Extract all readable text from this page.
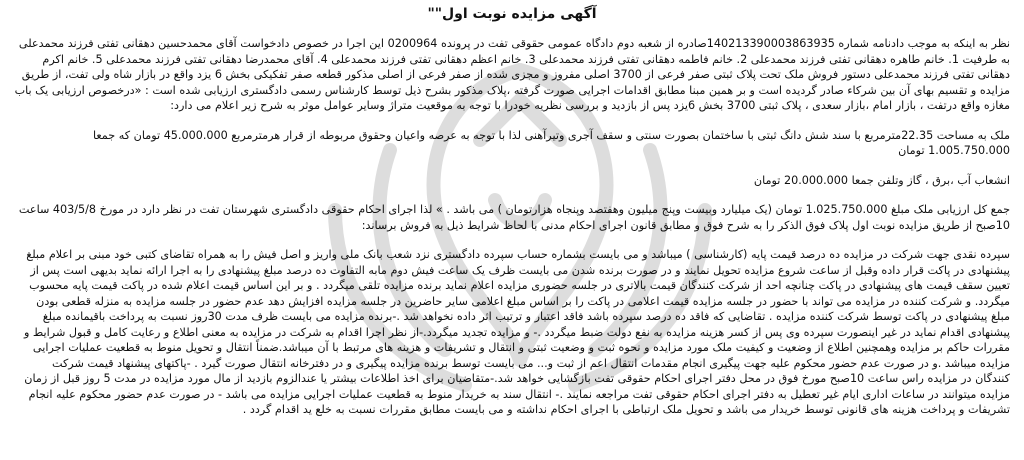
آگهی مزایده نوبت اول""

نظر به اینکه به موجب دادنامه شماره 140213390003863935صادره از شعبه دوم دادگاه عمومی حقوقی تفت در پرونده 0200964 این اجرا در خصوص دادخواست آقای محمدحسین دهقانی تفتی فرزند محمدعلی به طرفیت 1. خانم طاهره دهقانی تفتی فرزند محمدعلی 2. خانم فاطمه دهقانی تفتی فرزند محمدعلی 3. خانم اعظم دهقانی تفتی فرزند محمدعلی 4. آقای محمدرضا دهقانی تفتی فرزند محمدعلی 5. خانم اکرم دهقانی تفتی فرزند محمدعلی دستور فروش ملک تحت پلاک ثبتی صفر فرعی از 3700 اصلی مفروز و مجزی شده از صفر فرعی از اصلی مذکور قطعه صفر تفکیکی بخش 6 یزد واقع در بازار شاه ولی تفت، از طریق مزایده و تقسیم بهای آن بین شرکاء صادر گردیده است و بر همین مبنا مطابق اقدامات اجرایی صورت گرفته ،پلاک مذکور بشرح ذیل توسط کارشناس رسمی دادگستری ارزیابی شده است : «درخصوص ارزیابی یک باب مغازه واقع درتفت ، بازار امام ،بازار سعدی ، پلاک ثبتی 3700 بخش 6یزد پس از بازدید و بررسی نظریه خودرا با توجه به موقعیت متراژ وسایر عوامل موثر به شرح زیر اعلام می دارد:

ملک به مساحت 22.35مترمربع با سند شش دانگ ثبتی با ساختمان بصورت سنتی و سقف آجری وتیرآهنی لذا با توجه به عرصه واعیان وحقوق مربوطه از قرار هرمترمربع 45.000.000 تومان که جمعا 1.005.750.000 تومان

انشعاب آب ،برق ، گاز وتلفن جمعا 20.000.000 تومان

جمع کل ارزیابی ملک مبلغ 1.025.750.000 تومان (یک میلیارد وبیست وپنج میلیون وهفتصد وپنجاه هزارتومان ) می باشد . » لذا اجرای احکام حقوقی دادگستری شهرستان تفت در نظر دارد در مورخ 403/5/8 ساعت 10صبح از طریق مزایده نوبت اول پلاک فوق الذکر را به شرح فوق و مطابق قانون اجرای احکام مدنی با لحاظ شرایط ذیل به فروش برساند:

سپرده نقدی جهت شرکت در مزایده ده درصد قیمت پایه (کارشناسی ) میباشد و می بایست بشماره حساب سپرده دادگستری نزد شعب بانک ملی واریز و اصل فیش را به همراه تقاضای کتبی خود مبنی بر اعلام مبلغ پیشنهادی در پاکت قرار داده وقبل از ساعت شروع مزایده تحویل نمایند و در صورت برنده شدن می بایست ظرف یک ساعت فیش دوم مابه التفاوت ده درصد مبلغ پیشنهادی را به اجرا ارائه نماید بدیهی است پس از تعیین سقف قیمت های پیشنهادی در پاکت چنانچه احد از شرکت کنندگان قیمت بالاتری در جلسه حضوری مزایده اعلام نماید برنده مزایده تلقی میگردد . و بر این اساس قیمت اعلام شده در پاکت قیمت پایه محسوب میگردد. و شرکت کننده در مزایده می تواند با حضور در جلسه مزایده قیمت اعلامی در پاکت را بر اساس مبلغ اعلامی سایر حاضرین در جلسه مزایده افزایش دهد عدم حضور در جلسه مزایده به منزله قطعی بودن مبلغ پیشنهادی در پاکت توسط شرکت کننده مزایده . تقاضایی که فاقد ده درصد سپرده باشد فاقد اعتبار و ترتیب اثر داده نخواهد شد .-برنده مزایده می بایست ظرف مدت 30روز نسبت به پرداخت باقیمانده مبلغ پیشنهادی اقدام نماید در غیر اینصورت سپرده وی پس از کسر هزینه مزایده به نفع دولت ضبط میگردد .- و مزایده تجدید میگردد.-از نظر اجرا اقدام به شرکت در مزایده به معنی اطلاع و رعایت کامل و قبول شرایط و مقررات حاکم بر مزایده وهمچنین اطلاع از وضعیت و کیفیت ملک مورد مزایده و نحوه ثبت و وضعیت ثبتی و انتقال و تشریفات و هزینه های مرتبط با آن میباشد.ضمناً انتقال و تحویل منوط به قطعیت عملیات اجرایی مزایده میباشد .و در صورت عدم حضور محکوم علیه جهت پیگیری انجام مقدمات انتقال اعم از ثبت و... می بایست توسط برنده مزایده پیگیری و در دفترخانه انتقال صورت گیرد . -پاکتهای پیشنهاد قیمت شرکت کنندگان در مزایده راس ساعت 10صبح مورخ فوق در محل دفتر اجرای احکام حقوقی تفت بازگشایی خواهد شد.-متقاضیان برای اخذ اطلاعات بیشتر یا عندالزوم بازدید از مال مورد مزایده در مدت 5 روز قبل از زمان مزایده میتوانند در ساعات اداری ایام غیر تعطیل به دفتر اجرای احکام حقوقی تفت مراجعه نمایند .- انتقال سند به خریدار منوط به قطعیت عملیات اجرایی مزایده می باشد - در صورت عدم حضور محکوم علیه انجام تشریفات و پرداخت هزینه های قانونی توسط خریدار می باشد و تحویل ملک ارتباطی با اجرای احکام نداشته و می بایست مطابق مقررات نسبت به خلع ید اقدام گردد .
